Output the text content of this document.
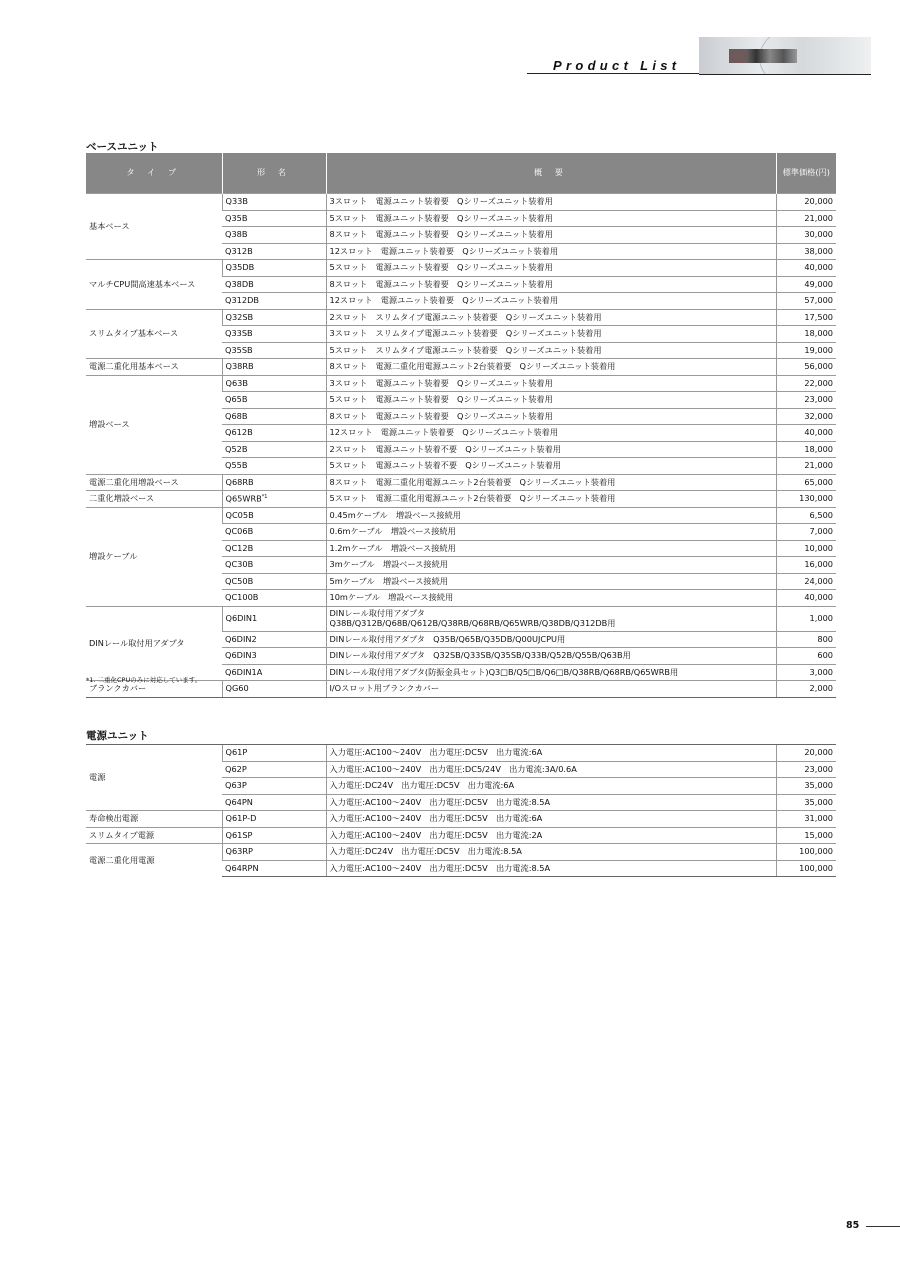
Product List
ベースユニット
タ イ プ	形 名	概 要	標準価格(円)
基本ベース	Q33B	3スロット　電源ユニット装着要　Qシリーズユニット装着用	20,000
	Q35B	5スロット　電源ユニット装着要　Qシリーズユニット装着用	21,000
	Q38B	8スロット　電源ユニット装着要　Qシリーズユニット装着用	30,000
	Q312B	12スロット　電源ユニット装着要　Qシリーズユニット装着用	38,000
マルチCPU間高速基本ベース	Q35DB	5スロット　電源ユニット装着要　Qシリーズユニット装着用	40,000
	Q38DB	8スロット　電源ユニット装着要　Qシリーズユニット装着用	49,000
	Q312DB	12スロット　電源ユニット装着要　Qシリーズユニット装着用	57,000
スリムタイプ基本ベース	Q32SB	2スロット　スリムタイプ電源ユニット装着要　Qシリーズユニット装着用	17,500
	Q33SB	3スロット　スリムタイプ電源ユニット装着要　Qシリーズユニット装着用	18,000
	Q35SB	5スロット　スリムタイプ電源ユニット装着要　Qシリーズユニット装着用	19,000
電源二重化用基本ベース	Q38RB	8スロット　電源二重化用電源ユニット2台装着要　Qシリーズユニット装着用	56,000
増設ベース	Q63B	3スロット　電源ユニット装着要　Qシリーズユニット装着用	22,000
	Q65B	5スロット　電源ユニット装着要　Qシリーズユニット装着用	23,000
	Q68B	8スロット　電源ユニット装着要　Qシリーズユニット装着用	32,000
	Q612B	12スロット　電源ユニット装着要　Qシリーズユニット装着用	40,000
	Q52B	2スロット　電源ユニット装着不要　Qシリーズユニット装着用	18,000
	Q55B	5スロット　電源ユニット装着不要　Qシリーズユニット装着用	21,000
電源二重化用増設ベース	Q68RB	8スロット　電源二重化用電源ユニット2台装着要　Qシリーズユニット装着用	65,000
二重化増設ベース	Q65WRB$^{*1}$	5スロット　電源二重化用電源ユニット2台装着要　Qシリーズユニット装着用	130,000
増設ケーブル	QC05B	0.45mケーブル　増設ベース接続用	6,500
	QC06B	0.6mケーブル　増設ベース接続用	7,000
	QC12B	1.2mケーブル　増設ベース接続用	10,000
	QC30B	3mケーブル　増設ベース接続用	16,000
	QC50B	5mケーブル　増設ベース接続用	24,000
	QC100B	10mケーブル　増設ベース接続用	40,000
DINレール取付用アダプタ	Q6DIN1	DINレール取付用アダプタ
Q38B/Q312B/Q68B/Q612B/Q38RB/Q68RB/Q65WRB/Q38DB/Q312DB用	1,000
	Q6DIN2	DINレール取付用アダプタ　Q35B/Q65B/Q35DB/Q00UJCPU用	800
	Q6DIN3	DINレール取付用アダプタ　Q32SB/Q33SB/Q35SB/Q33B/Q52B/Q55B/Q63B用	600
	Q6DIN1A	DINレール取付用アダプタ(防振金具セット)Q3□B/Q5□B/Q6□B/Q38RB/Q68RB/Q65WRB用	3,000
ブランクカバー	QG60	I/Oスロット用ブランクカバー	2,000
*1. 二重化CPUのみに対応しています。
電源ユニット
電源	Q61P	入力電圧:AC100～240V　出力電圧:DC5V　出力電流:6A	20,000
	Q62P	入力電圧:AC100～240V　出力電圧:DC5/24V　出力電流:3A/0.6A	23,000
	Q63P	入力電圧:DC24V　出力電圧:DC5V　出力電流:6A	35,000
	Q64PN	入力電圧:AC100～240V　出力電圧:DC5V　出力電流:8.5A	35,000
寿命検出電源	Q61P-D	入力電圧:AC100～240V　出力電圧:DC5V　出力電流:6A	31,000
スリムタイプ電源	Q61SP	入力電圧:AC100～240V　出力電圧:DC5V　出力電流:2A	15,000
電源二重化用電源	Q63RP	入力電圧:DC24V　出力電圧:DC5V　出力電流:8.5A	100,000
	Q64RPN	入力電圧:AC100～240V　出力電圧:DC5V　出力電流:8.5A	100,000
85
